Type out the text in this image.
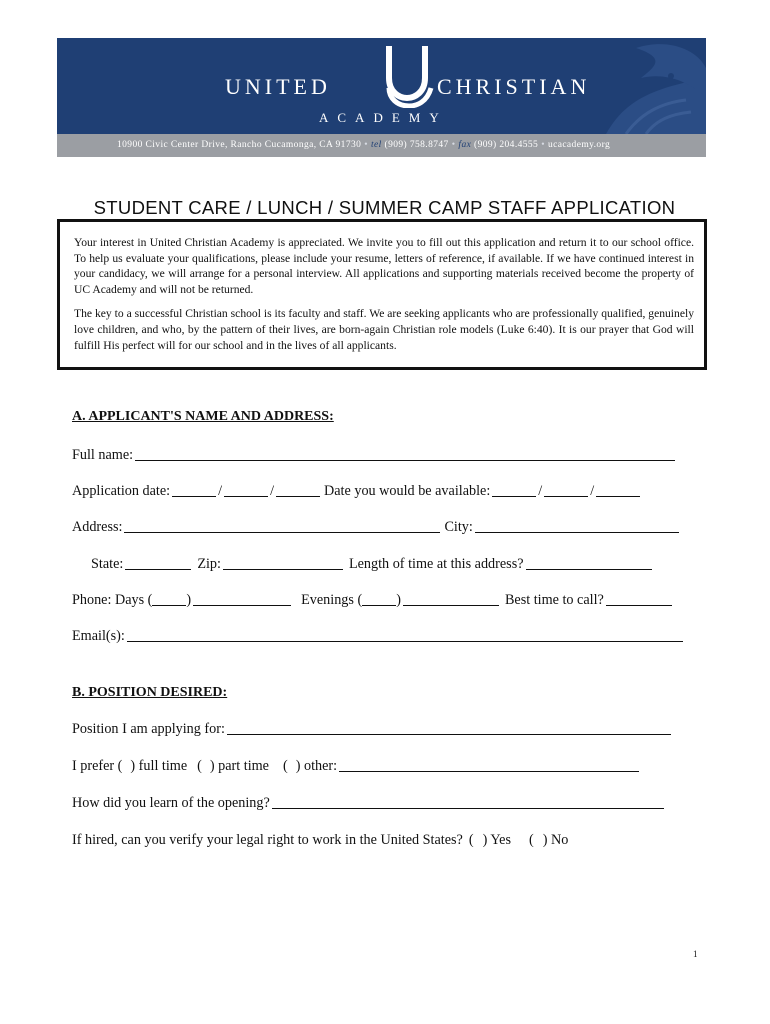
UNITED	CHRISTIAN
ACADEMY
10900 Civic Center Drive, Rancho Cucamonga, CA 91730 • tel (909) 758.8747 • fax (909) 204.4555 • ucacademy.org
STUDENT CARE / LUNCH / SUMMER CAMP STAFF APPLICATION

Your interest in United Christian Academy is appreciated. We invite you to fill out this application and return it to our school office. To help us evaluate your qualifications, please include your resume, letters of reference, if available. If we have continued interest in your candidacy, we will arrange for a personal interview. All applications and supporting materials received become the property of UC Academy and will not be returned.

The key to a successful Christian school is its faculty and staff. We are seeking applicants who are professionally qualified, genuinely love children, and who, by the pattern of their lives, are born-again Christian role models (Luke 6:40). It is our prayer that God will fulfill His perfect will for our school and in the lives of all applicants.

A. APPLICANT'S NAME AND ADDRESS:
Full name:
Application date:	/	/	Date you would be available:	/	/
Address:	City:
State:	Zip:	Length of time at this address?
Phone: Days ( )	Evenings ( )	Best time to call?
Email(s):
B. POSITION DESIRED:
Position I am applying for:
I prefer ( ) full time ( ) part time ( ) other:
How did you learn of the opening?
If hired, can you verify your legal right to work in the United States? ( ) Yes ( ) No
1
